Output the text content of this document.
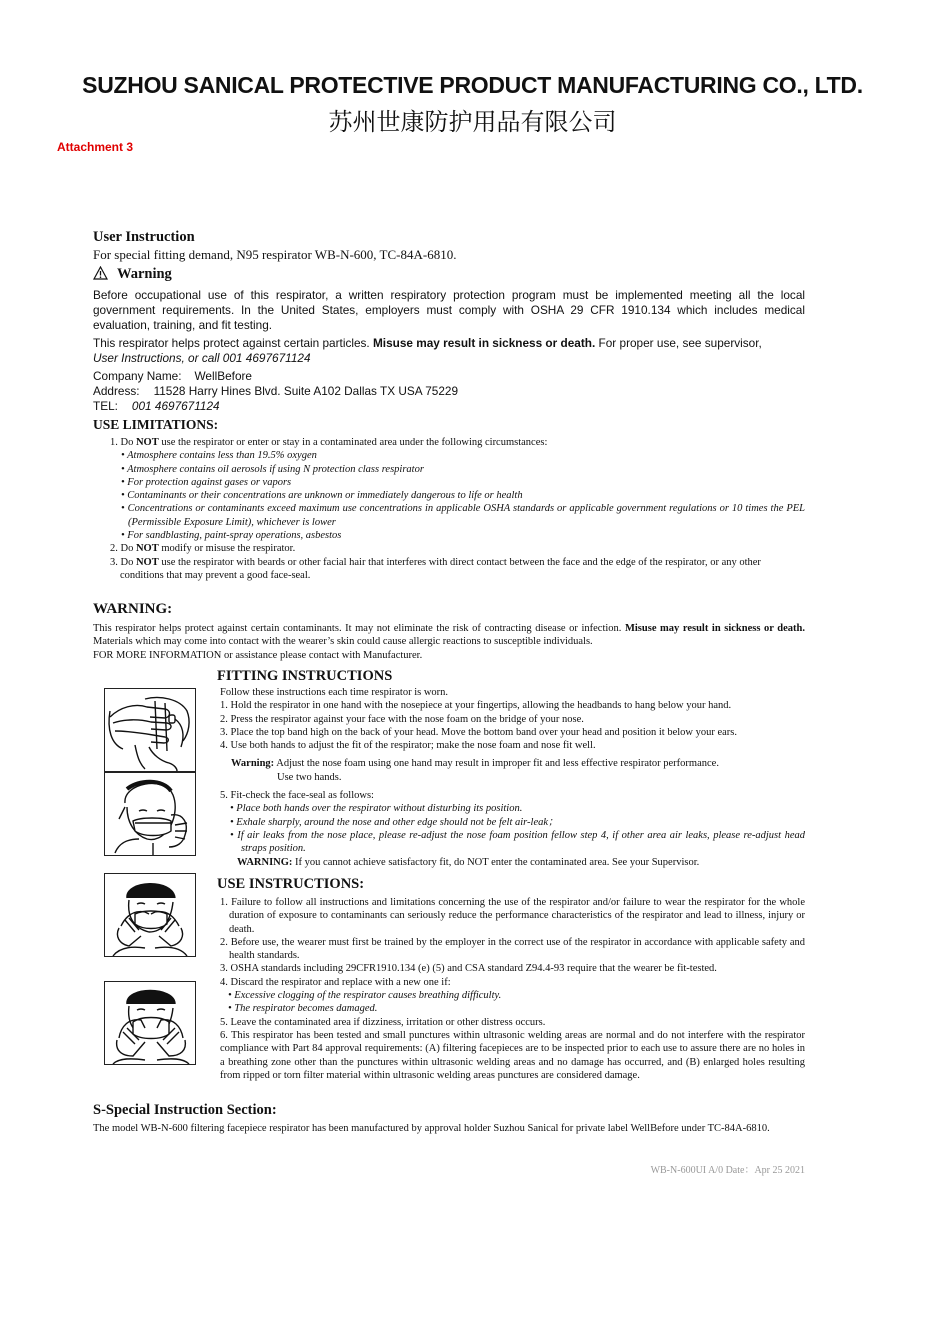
SUZHOU SANICAL PROTECTIVE PRODUCT MANUFACTURING CO., LTD.
苏州世康防护用品有限公司
Attachment 3
User Instruction
For special fitting demand, N95 respirator WB-N-600, TC-84A-6810.
Warning
Before occupational use of this respirator, a written respiratory protection program must be implemented meeting all the local government requirements. In the United States, employers must comply with OSHA 29 CFR 1910.134 which includes medical evaluation, training, and fit testing.
This respirator helps protect against certain particles. Misuse may result in sickness or death. For proper use, see supervisor,
User Instructions, or call 001 4697671124
Company Name: WellBefore
Address: 11528 Harry Hines Blvd. Suite A102 Dallas TX USA 75229
TEL: 001 4697671124
USE LIMITATIONS:
1. Do NOT use the respirator or enter or stay in a contaminated area under the following circumstances:
• Atmosphere contains less than 19.5% oxygen
• Atmosphere contains oil aerosols if using N protection class respirator
• For protection against gases or vapors
• Contaminants or their concentrations are unknown or immediately dangerous to life or health
• Concentrations or contaminants exceed maximum use concentrations in applicable OSHA standards or applicable government regulations or 10 times the PEL (Permissible Exposure Limit), whichever is lower
• For sandblasting, paint-spray operations, asbestos
2. Do NOT modify or misuse the respirator.
3. Do NOT use the respirator with beards or other facial hair that interferes with direct contact between the face and the edge of the respirator, or any other conditions that may prevent a good face-seal.
WARNING:
This respirator helps protect against certain contaminants. It may not eliminate the risk of contracting disease or infection. Misuse may result in sickness or death. Materials which may come into contact with the wearer’s skin could cause allergic reactions to susceptible individuals.
FOR MORE INFORMATION or assistance please contact with Manufacturer.
FITTING INSTRUCTIONS
Follow these instructions each time respirator is worn.
1. Hold the respirator in one hand with the nosepiece at your fingertips, allowing the headbands to hang below your hand.
2. Press the respirator against your face with the nose foam on the bridge of your nose.
3. Place the top band high on the back of your head. Move the bottom band over your head and position it below your ears.
4. Use both hands to adjust the fit of the respirator; make the nose foam and nose fit well.
Warning: Adjust the nose foam using one hand may result in improper fit and less effective respirator performance.
Use two hands.
5. Fit-check the face-seal as follows:
• Place both hands over the respirator without disturbing its position.
• Exhale sharply, around the nose and other edge should not be felt air-leak；
• If air leaks from the nose place, please re-adjust the nose foam position fellow step 4, if other area air leaks, please re-adjust head straps position.
WARNING: If you cannot achieve satisfactory fit, do NOT enter the contaminated area. See your Supervisor.
USE INSTRUCTIONS:
1. Failure to follow all instructions and limitations concerning the use of the respirator and/or failure to wear the respirator for the whole duration of exposure to contaminants can seriously reduce the performance characteristics of the respirator and lead to illness, injury or death.
2. Before use, the wearer must first be trained by the employer in the correct use of the respirator in accordance with applicable safety and health standards.
3. OSHA standards including 29CFR1910.134 (e) (5) and CSA standard Z94.4-93 require that the wearer be fit-tested.
4. Discard the respirator and replace with a new one if:
• Excessive clogging of the respirator causes breathing difficulty.
• The respirator becomes damaged.
5. Leave the contaminated area if dizziness, irritation or other distress occurs.
6. This respirator has been tested and small punctures within ultrasonic welding areas are normal and do not interfere with the respirator compliance with Part 84 approval requirements: (A) filtering facepieces are to be inspected prior to each use to assure there are no holes in a breathing zone other than the punctures within ultrasonic welding areas and no damage has occurred, and (B) enlarged holes resulting from ripped or torn filter material within ultrasonic welding areas punctures are considered damage.
S-Special Instruction Section:
The model WB-N-600 filtering facepiece respirator has been manufactured by approval holder Suzhou Sanical for private label WellBefore under TC-84A-6810.
WB-N-600UI A/0 Date：Apr 25 2021
